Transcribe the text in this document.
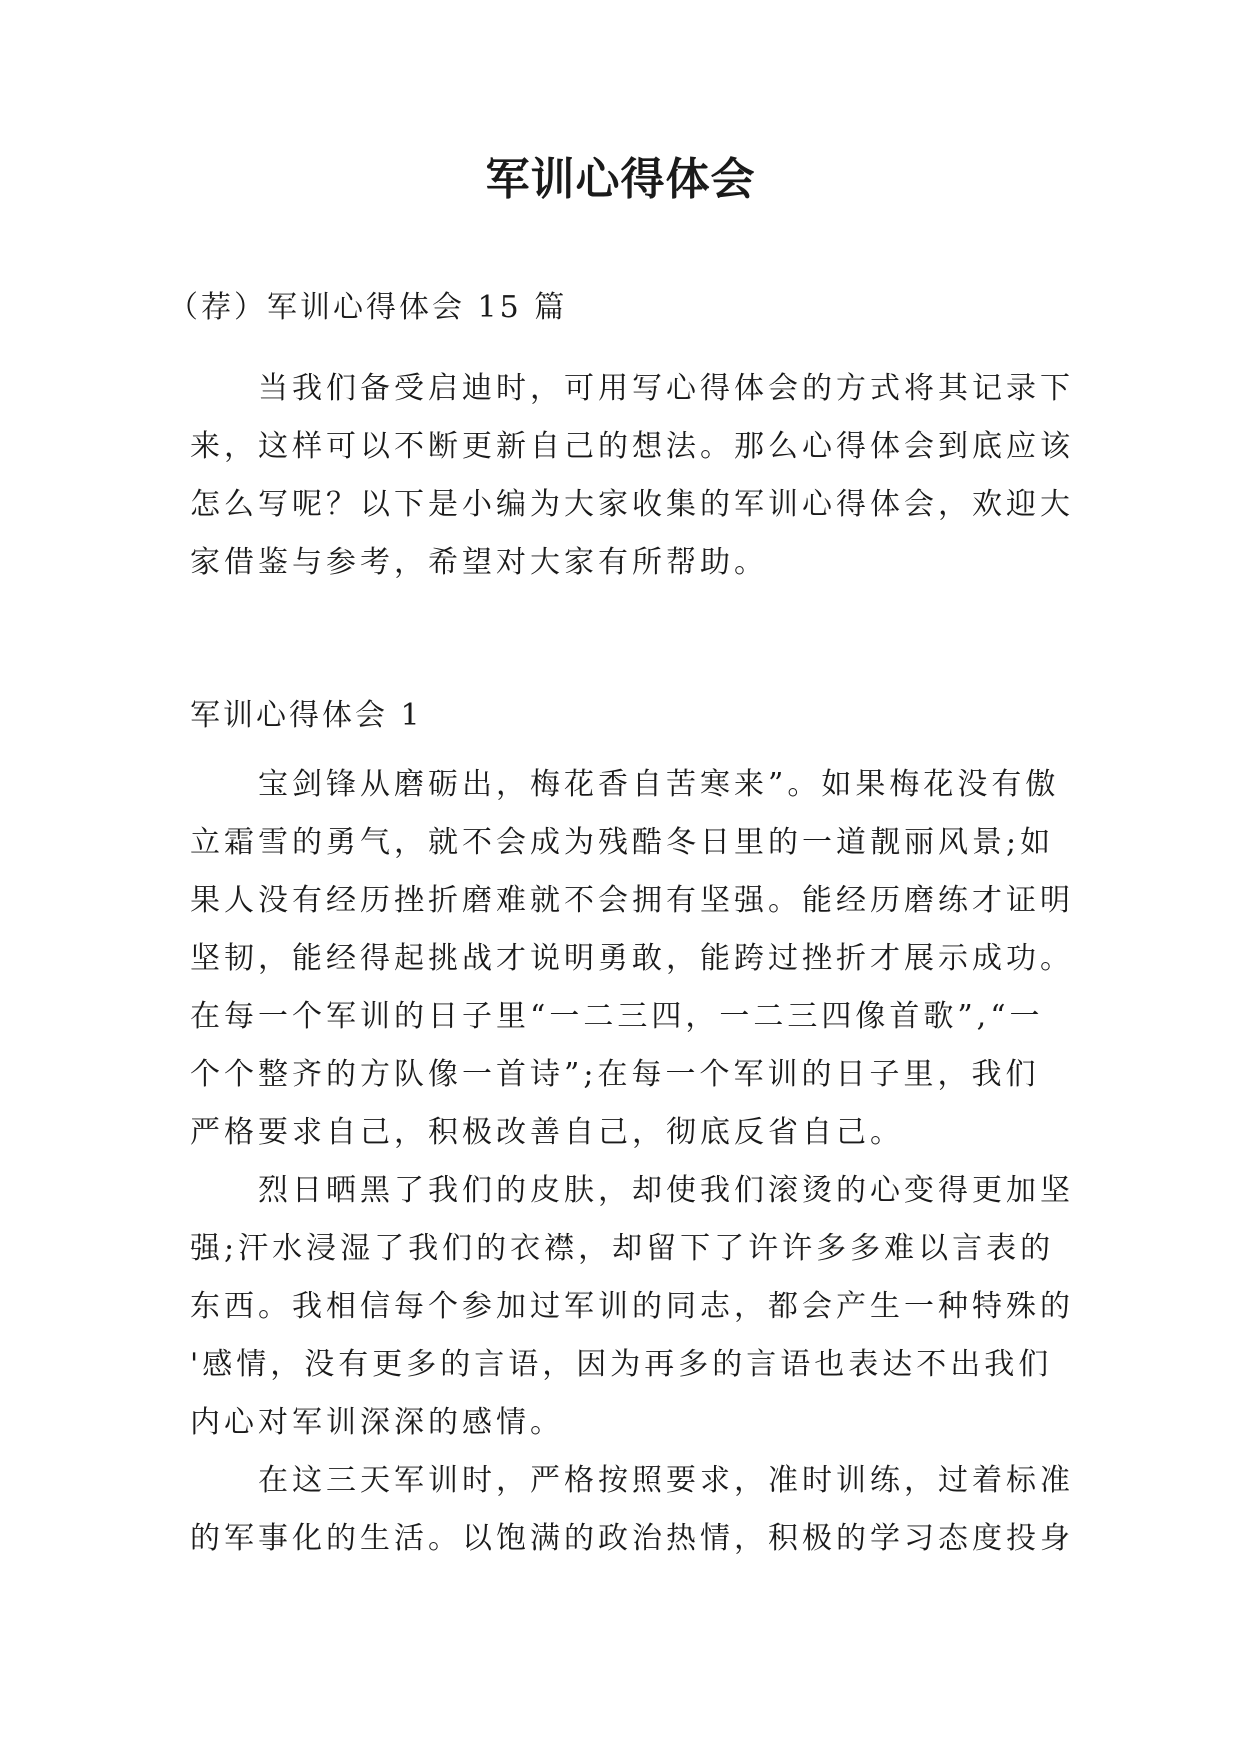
军训心得体会
（荐）军训心得体会 15 篇
　　当我们备受启迪时，可用写心得体会的方式将其记录下
来，这样可以不断更新自己的想法。那么心得体会到底应该
怎么写呢？以下是小编为大家收集的军训心得体会，欢迎大
家借鉴与参考，希望对大家有所帮助。
军训心得体会 1
　　宝剑锋从磨砺出，梅花香自苦寒来”。如果梅花没有傲
立霜雪的勇气，就不会成为残酷冬日里的一道靓丽风景;如
果人没有经历挫折磨难就不会拥有坚强。能经历磨练才证明
坚韧，能经得起挑战才说明勇敢，能跨过挫折才展示成功。
在每一个军训的日子里“一二三四，一二三四像首歌”,“一
个个整齐的方队像一首诗”;在每一个军训的日子里，我们
严格要求自己，积极改善自己，彻底反省自己。
　　烈日晒黑了我们的皮肤，却使我们滚烫的心变得更加坚
强;汗水浸湿了我们的衣襟，却留下了许许多多难以言表的
东西。我相信每个参加过军训的同志，都会产生一种特殊的
'感情，没有更多的言语，因为再多的言语也表达不出我们
内心对军训深深的感情。
　　在这三天军训时，严格按照要求，准时训练，过着标准
的军事化的生活。以饱满的政治热情，积极的学习态度投身
